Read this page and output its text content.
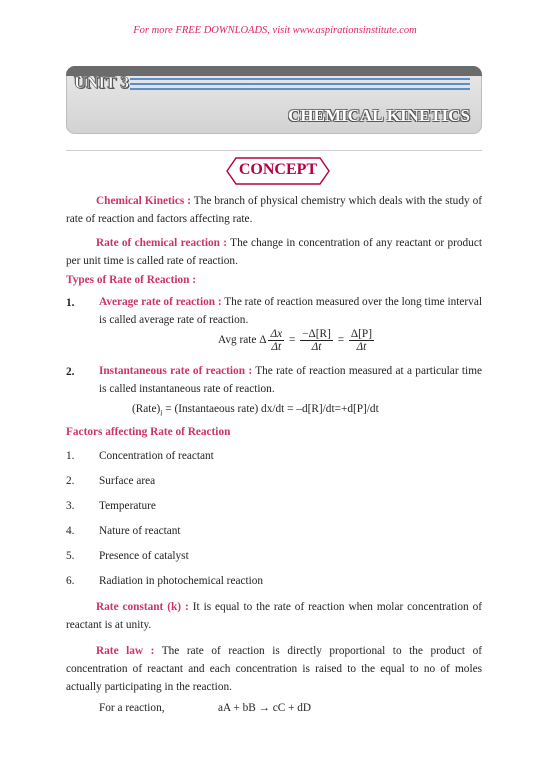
For more FREE DOWNLOADS, visit www.aspirationsinstitute.com
UNIT 3
CHEMICAL KINETICS
CONCEPT
Chemical Kinetics : The branch of physical chemistry which deals with the study of rate of reaction and factors affecting rate.
Rate of chemical reaction : The change in concentration of any reactant or product per unit time is called rate of reaction.
Types of Rate of Reaction :
1. Average rate of reaction : The rate of reaction measured over the long time interval is called average rate of reaction.
Avg rate Δ $\frac{\Delta x}{\Delta t} = \frac{-\Delta[R]}{\Delta t} = \frac{\Delta[P]}{\Delta t}$
2. Instantaneous rate of reaction : The rate of reaction measured at a particular time is called instantaneous rate of reaction.
$(Rate)_i$ = (Instantaeous rate) dx/dt = –d[R]/dt=+d[P]/dt
Factors affecting Rate of Reaction
1. Concentration of reactant
2. Surface area
3. Temperature
4. Nature of reactant
5. Presence of catalyst
6. Radiation in photochemical reaction
Rate constant (k) : It is equal to the rate of reaction when molar concentration of reactant is at unity.
Rate law : The rate of reaction is directly proportional to the product of concentration of reactant and each concentration is raised to the equal to no of moles actually participating in the reaction.
For a reaction,	aA + bB → cC + dD
